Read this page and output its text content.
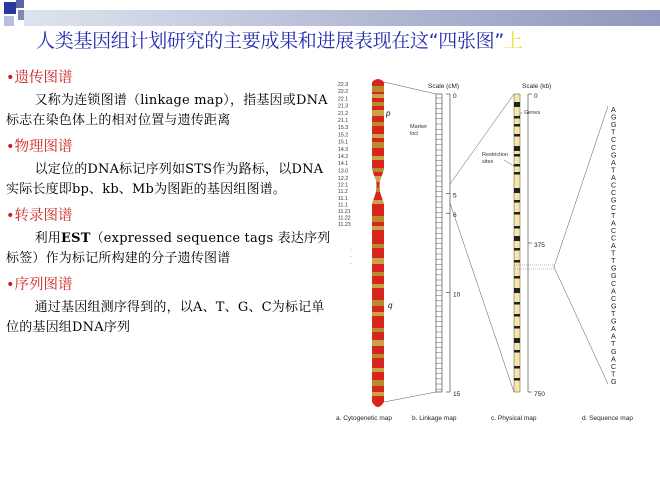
人类基因组计划研究的主要成果和进展表现在这“四张图”上
•遗传图谱
又称为连锁图谱（linkage map），指基因或DNA标志在染色体上的相对位置与遗传距离
•物理图谱
以定位的DNA标记序列如STS作为路标，以DNA实际长度即bp、kb、Mb为图距的基因组图谱。
•转录图谱
利用EST（expressed sequence tags 表达序列标签）作为标记所构建的分子遗传图谱
•序列图谱
通过基因组测序得到的，以A、T、G、C为标记单位的基因组DNA序列
22.3
22.2
22.1
21.3
21.2
21.1
15.3
15.2
15.1
14.3
14.2
14.1
13.0
12.2
12.1
11.2
11.1
11.1
11.21
11.22
11.23
·
·
·
p
q
Scale (cM)
Marker loci
0
5
6
10
15
Scale (kb)
Genes
Restriction sites
0
375
750
A
G
G
T
C
C
G
A
T
A
C
C
G
C
T
A
C
C
A
T
T
G
G
C
A
C
G
T
G
A
A
T
G
A
C
T
G
a. Cytogenetic map	b. Linkage map	c. Physical map	d. Sequence map
